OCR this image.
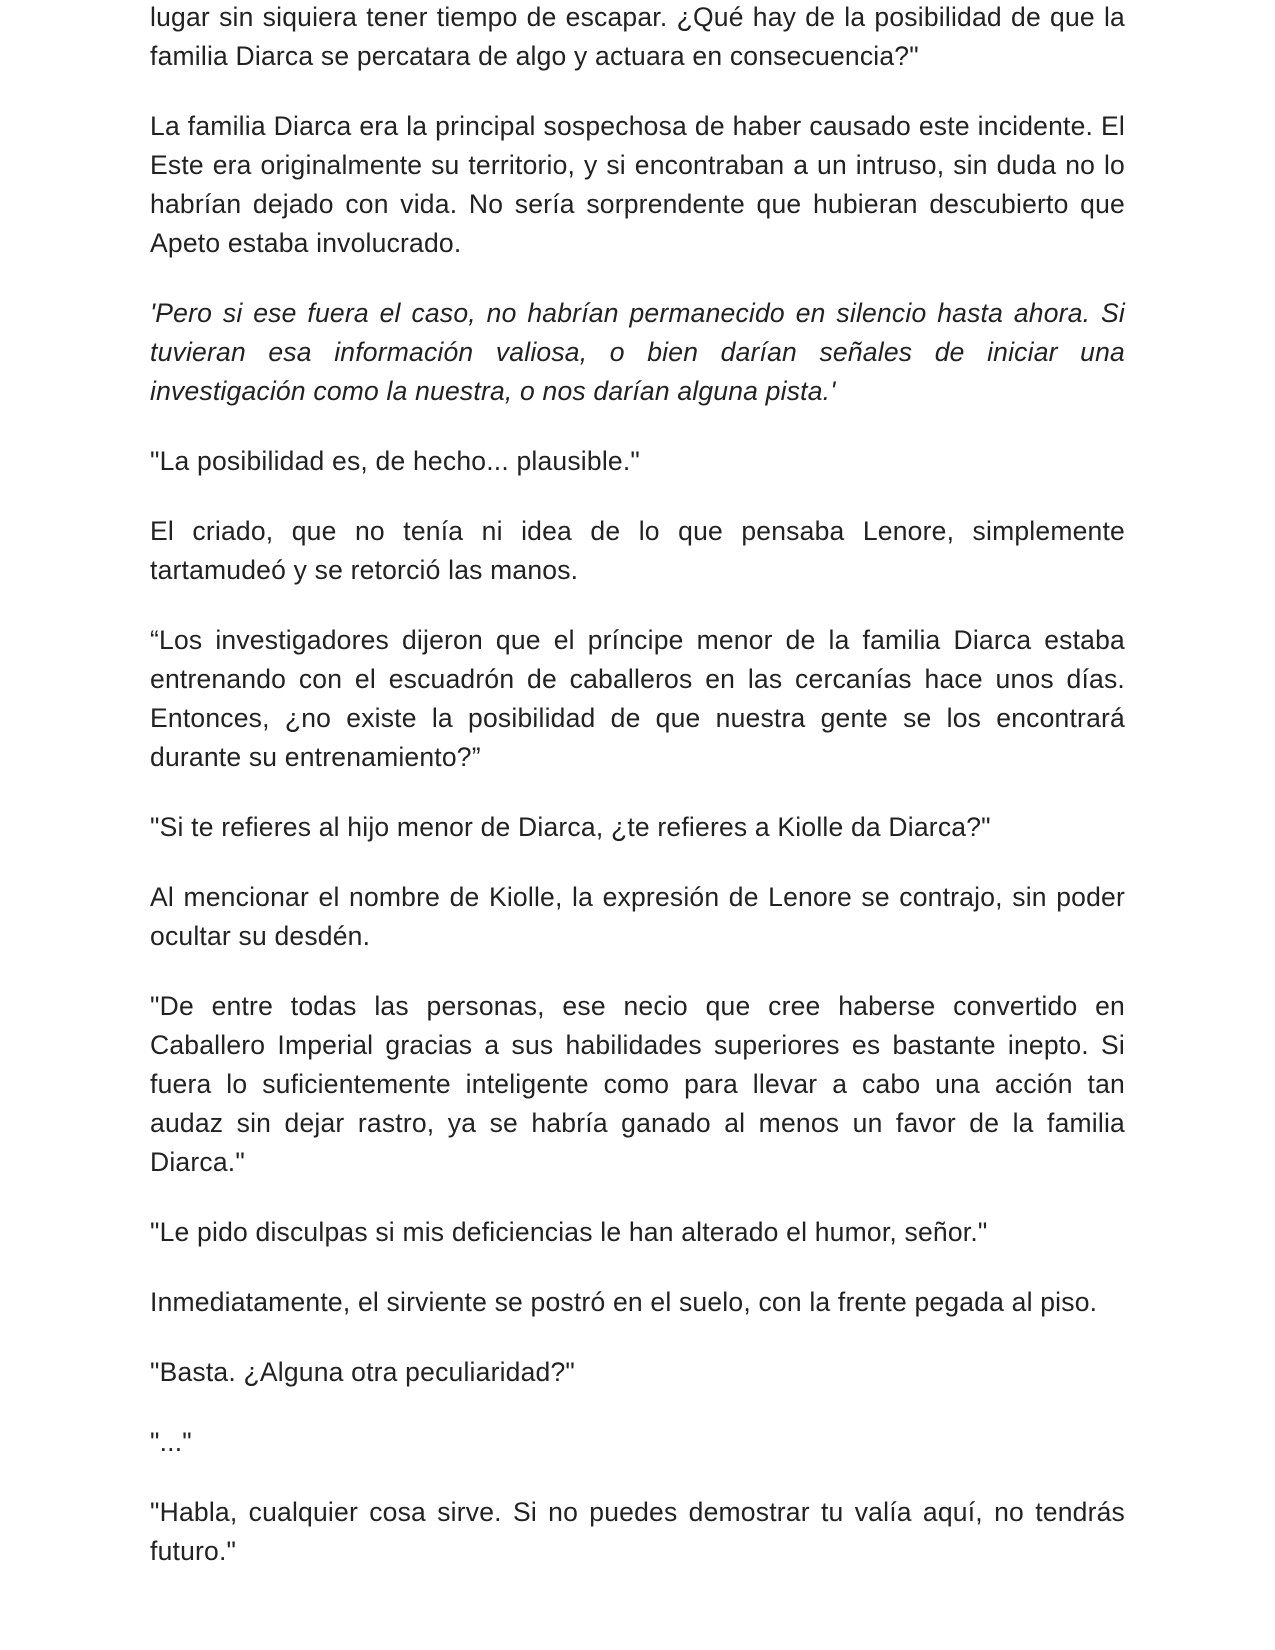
lugar sin siquiera tener tiempo de escapar. ¿Qué hay de la posibilidad de que la familia Diarca se percatara de algo y actuara en consecuencia?"

La familia Diarca era la principal sospechosa de haber causado este incidente. El Este era originalmente su territorio, y si encontraban a un intruso, sin duda no lo habrían dejado con vida. No sería sorprendente que hubieran descubierto que Apeto estaba involucrado.

'Pero si ese fuera el caso, no habrían permanecido en silencio hasta ahora. Si tuvieran esa información valiosa, o bien darían señales de iniciar una investigación como la nuestra, o nos darían alguna pista.'

"La posibilidad es, de hecho... plausible."

El criado, que no tenía ni idea de lo que pensaba Lenore, simplemente tartamudeó y se retorció las manos.

“Los investigadores dijeron que el príncipe menor de la familia Diarca estaba entrenando con el escuadrón de caballeros en las cercanías hace unos días. Entonces, ¿no existe la posibilidad de que nuestra gente se los encontrará durante su entrenamiento?”

"Si te refieres al hijo menor de Diarca, ¿te refieres a Kiolle da Diarca?"

Al mencionar el nombre de Kiolle, la expresión de Lenore se contrajo, sin poder ocultar su desdén.

"De entre todas las personas, ese necio que cree haberse convertido en Caballero Imperial gracias a sus habilidades superiores es bastante inepto. Si fuera lo suficientemente inteligente como para llevar a cabo una acción tan audaz sin dejar rastro, ya se habría ganado al menos un favor de la familia Diarca."

"Le pido disculpas si mis deficiencias le han alterado el humor, señor."

Inmediatamente, el sirviente se postró en el suelo, con la frente pegada al piso.

"Basta. ¿Alguna otra peculiaridad?"

"..."

"Habla, cualquier cosa sirve. Si no puedes demostrar tu valía aquí, no tendrás futuro."
